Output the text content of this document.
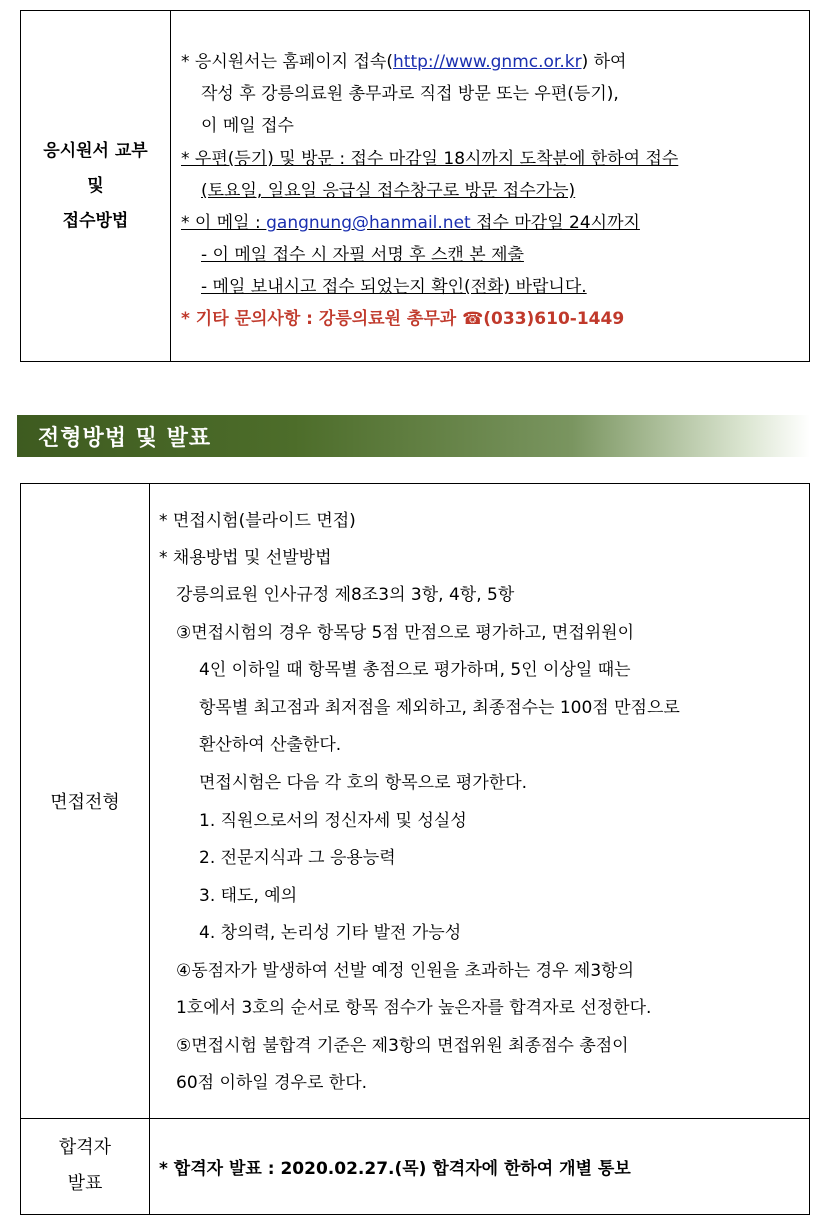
응시원서 교부
및
접수방법
* 응시원서는 홈페이지 접속(http://www.gnmc.or.kr) 하여
작성 후 강릉의료원 총무과로 직접 방문 또는 우편(등기),
이 메일 접수
* 우편(등기) 및 방문 : 접수 마감일 18시까지 도착분에 한하여 접수
(토요일, 일요일 응급실 접수창구로 방문 접수가능)
* 이 메일 : gangnung@hanmail.net 접수 마감일 24시까지
- 이 메일 접수 시 자필 서명 후 스캔 본 제출
- 메일 보내시고 접수 되었는지 확인(전화) 바랍니다.
* 기타 문의사항 : 강릉의료원 총무과 ☎(033)610-1449
전형방법 및 발표
면접전형
합격자
발표
* 면접시험(블라이드 면접)
* 채용방법 및 선발방법
강릉의료원 인사규정 제8조3의 3항, 4항, 5항
③면접시험의 경우 항목당 5점 만점으로 평가하고, 면접위원이
4인 이하일 때 항목별 총점으로 평가하며, 5인 이상일 때는
항목별 최고점과 최저점을 제외하고, 최종점수는 100점 만점으로
환산하여 산출한다.
면접시험은 다음 각 호의 항목으로 평가한다.
1. 직원으로서의 정신자세 및 성실성
2. 전문지식과 그 응용능력
3. 태도, 예의
4. 창의력, 논리성 기타 발전 가능성
④동점자가 발생하여 선발 예정 인원을 초과하는 경우 제3항의
1호에서 3호의 순서로 항목 점수가 높은자를 합격자로 선정한다.
⑤면접시험 불합격 기준은 제3항의 면접위원 최종점수 총점이
60점 이하일 경우로 한다.
* 합격자 발표 : 2020.02.27.(목) 합격자에 한하여 개별 통보
